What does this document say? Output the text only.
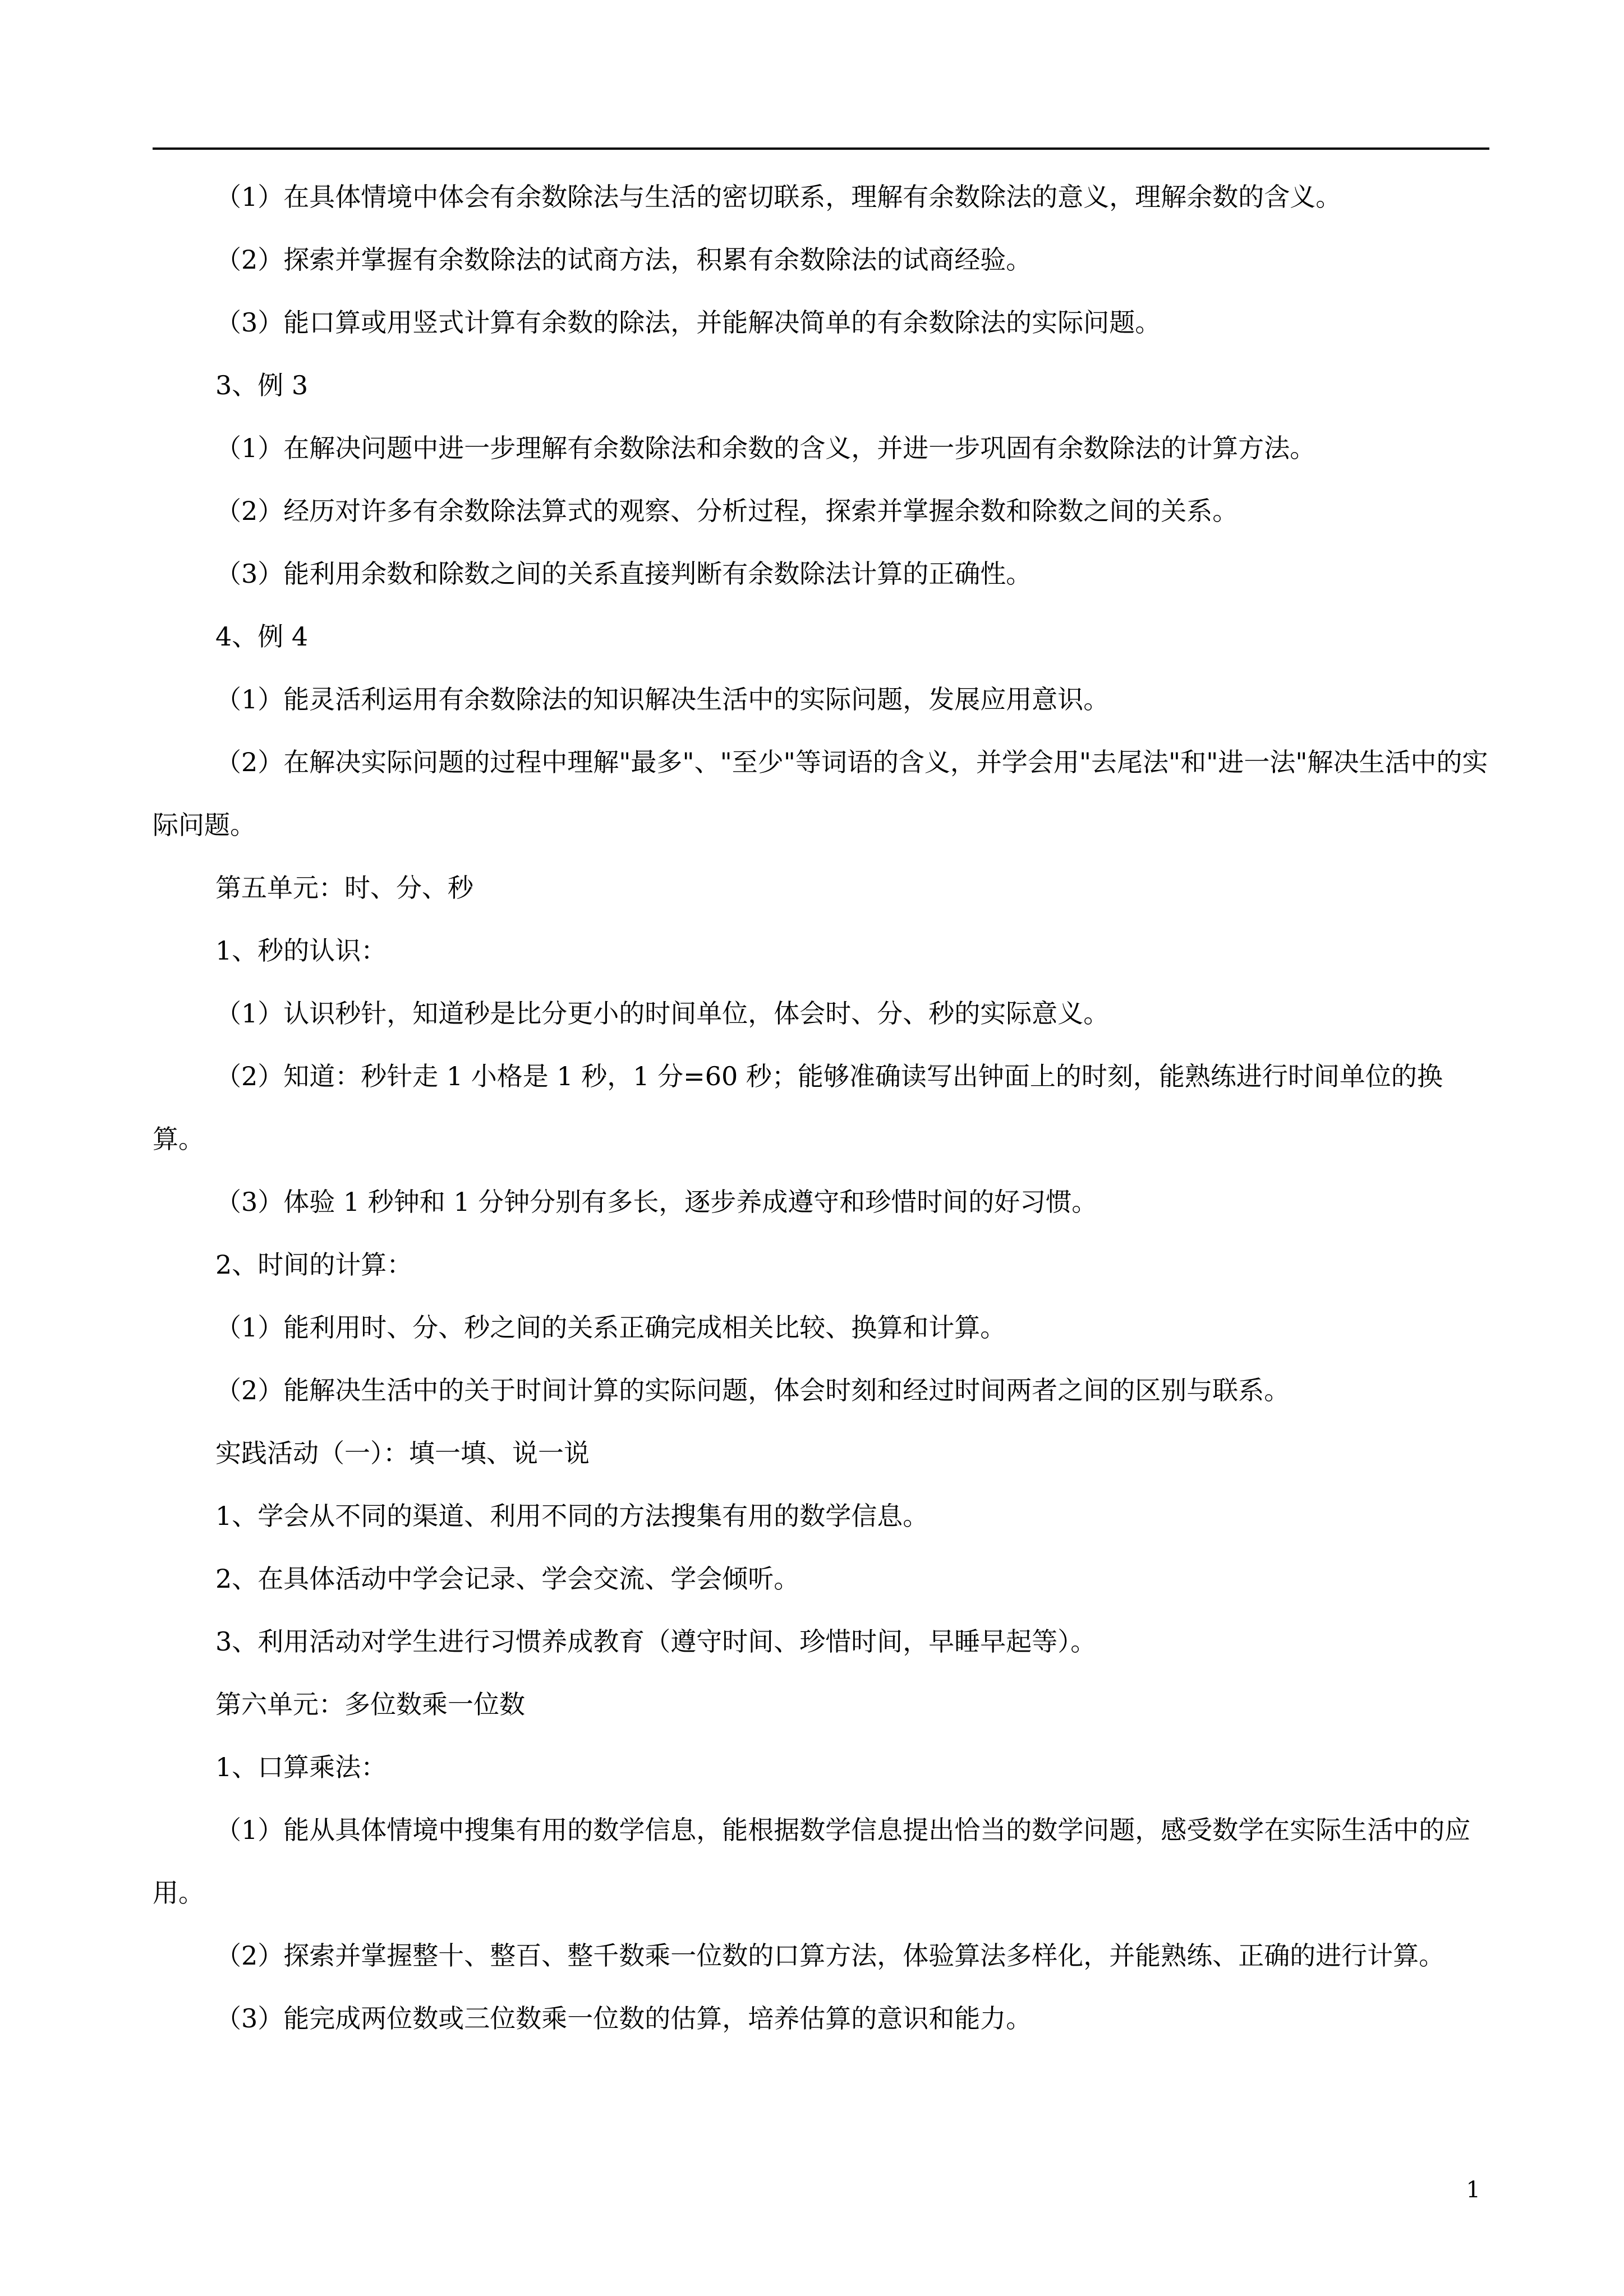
（1）在具体情境中体会有余数除法与生活的密切联系，理解有余数除法的意义，理解余数的含义。

（2）探索并掌握有余数除法的试商方法，积累有余数除法的试商经验。

（3）能口算或用竖式计算有余数的除法，并能解决简单的有余数除法的实际问题。

3、例 3

（1）在解决问题中进一步理解有余数除法和余数的含义，并进一步巩固有余数除法的计算方法。

（2）经历对许多有余数除法算式的观察、分析过程，探索并掌握余数和除数之间的关系。

（3）能利用余数和除数之间的关系直接判断有余数除法计算的正确性。

4、例 4

（1）能灵活利运用有余数除法的知识解决生活中的实际问题，发展应用意识。

（2）在解决实际问题的过程中理解"最多"、"至少"等词语的含义，并学会用"去尾法"和"进一法"解决生活中的实际问题。

第五单元：时、分、秒

1、秒的认识：

（1）认识秒针，知道秒是比分更小的时间单位，体会时、分、秒的实际意义。

（2）知道：秒针走 1 小格是 1 秒，1 分=60 秒；能够准确读写出钟面上的时刻，能熟练进行时间单位的换算。

（3）体验 1 秒钟和 1 分钟分别有多长，逐步养成遵守和珍惜时间的好习惯。

2、时间的计算：

（1）能利用时、分、秒之间的关系正确完成相关比较、换算和计算。

（2）能解决生活中的关于时间计算的实际问题，体会时刻和经过时间两者之间的区别与联系。

实践活动（一）：填一填、说一说

1、学会从不同的渠道、利用不同的方法搜集有用的数学信息。

2、在具体活动中学会记录、学会交流、学会倾听。

3、利用活动对学生进行习惯养成教育（遵守时间、珍惜时间，早睡早起等）。

第六单元：多位数乘一位数

1、口算乘法：

（1）能从具体情境中搜集有用的数学信息，能根据数学信息提出恰当的数学问题，感受数学在实际生活中的应用。

（2）探索并掌握整十、整百、整千数乘一位数的口算方法，体验算法多样化，并能熟练、正确的进行计算。

（3）能完成两位数或三位数乘一位数的估算，培养估算的意识和能力。

1
